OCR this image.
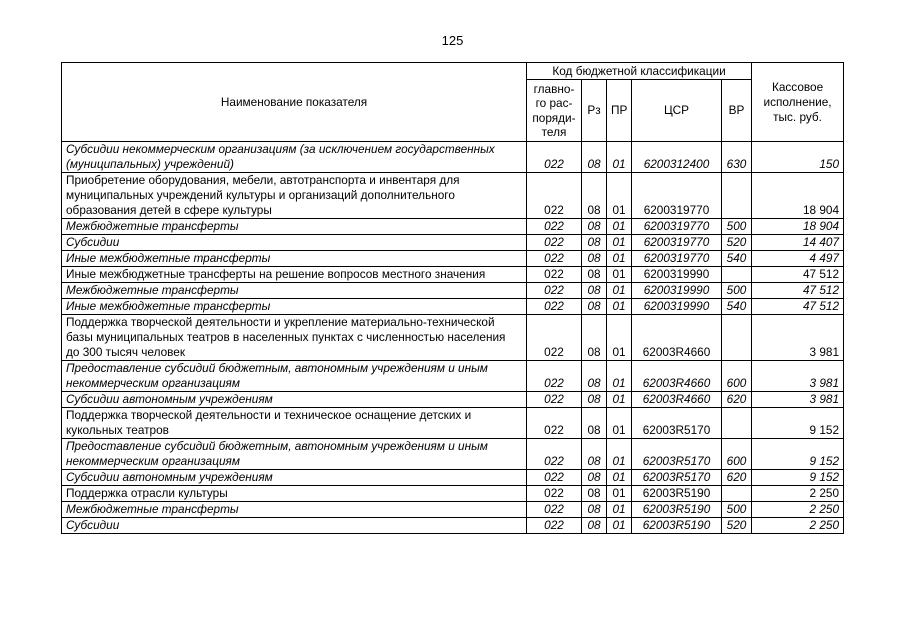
125
Наименование показателя	Код бюджетной классификации					Кассовое исполнение, тыс. руб.
	главно-го рас-поряди-теля	Рз	ПР	ЦСР	ВР	
Субсидии некоммерческим организациям (за исключением государственных (муниципальных) учреждений)	022	08	01	6200312400	630	150
Приобретение оборудования, мебели, автотранспорта и инвентаря для муниципальных учреждений культуры и организаций дополнительного образования детей в сфере культуры	022	08	01	6200319770		18 904
Межбюджетные трансферты	022	08	01	6200319770	500	18 904
Субсидии	022	08	01	6200319770	520	14 407
Иные межбюджетные трансферты	022	08	01	6200319770	540	4 497
Иные межбюджетные трансферты на решение вопросов местного значения	022	08	01	6200319990		47 512
Межбюджетные трансферты	022	08	01	6200319990	500	47 512
Иные межбюджетные трансферты	022	08	01	6200319990	540	47 512
Поддержка творческой деятельности и укрепление материально-технической базы муниципальных театров в населенных пунктах с численностью населения до 300 тысяч человек	022	08	01	62003R4660		3 981
Предоставление субсидий бюджетным, автономным учреждениям и иным некоммерческим организациям	022	08	01	62003R4660	600	3 981
Субсидии автономным учреждениям	022	08	01	62003R4660	620	3 981
Поддержка творческой деятельности и техническое оснащение детских и кукольных театров	022	08	01	62003R5170		9 152
Предоставление субсидий бюджетным, автономным учреждениям и иным некоммерческим организациям	022	08	01	62003R5170	600	9 152
Субсидии автономным учреждениям	022	08	01	62003R5170	620	9 152
Поддержка отрасли культуры	022	08	01	62003R5190		2 250
Межбюджетные трансферты	022	08	01	62003R5190	500	2 250
Субсидии	022	08	01	62003R5190	520	2 250
